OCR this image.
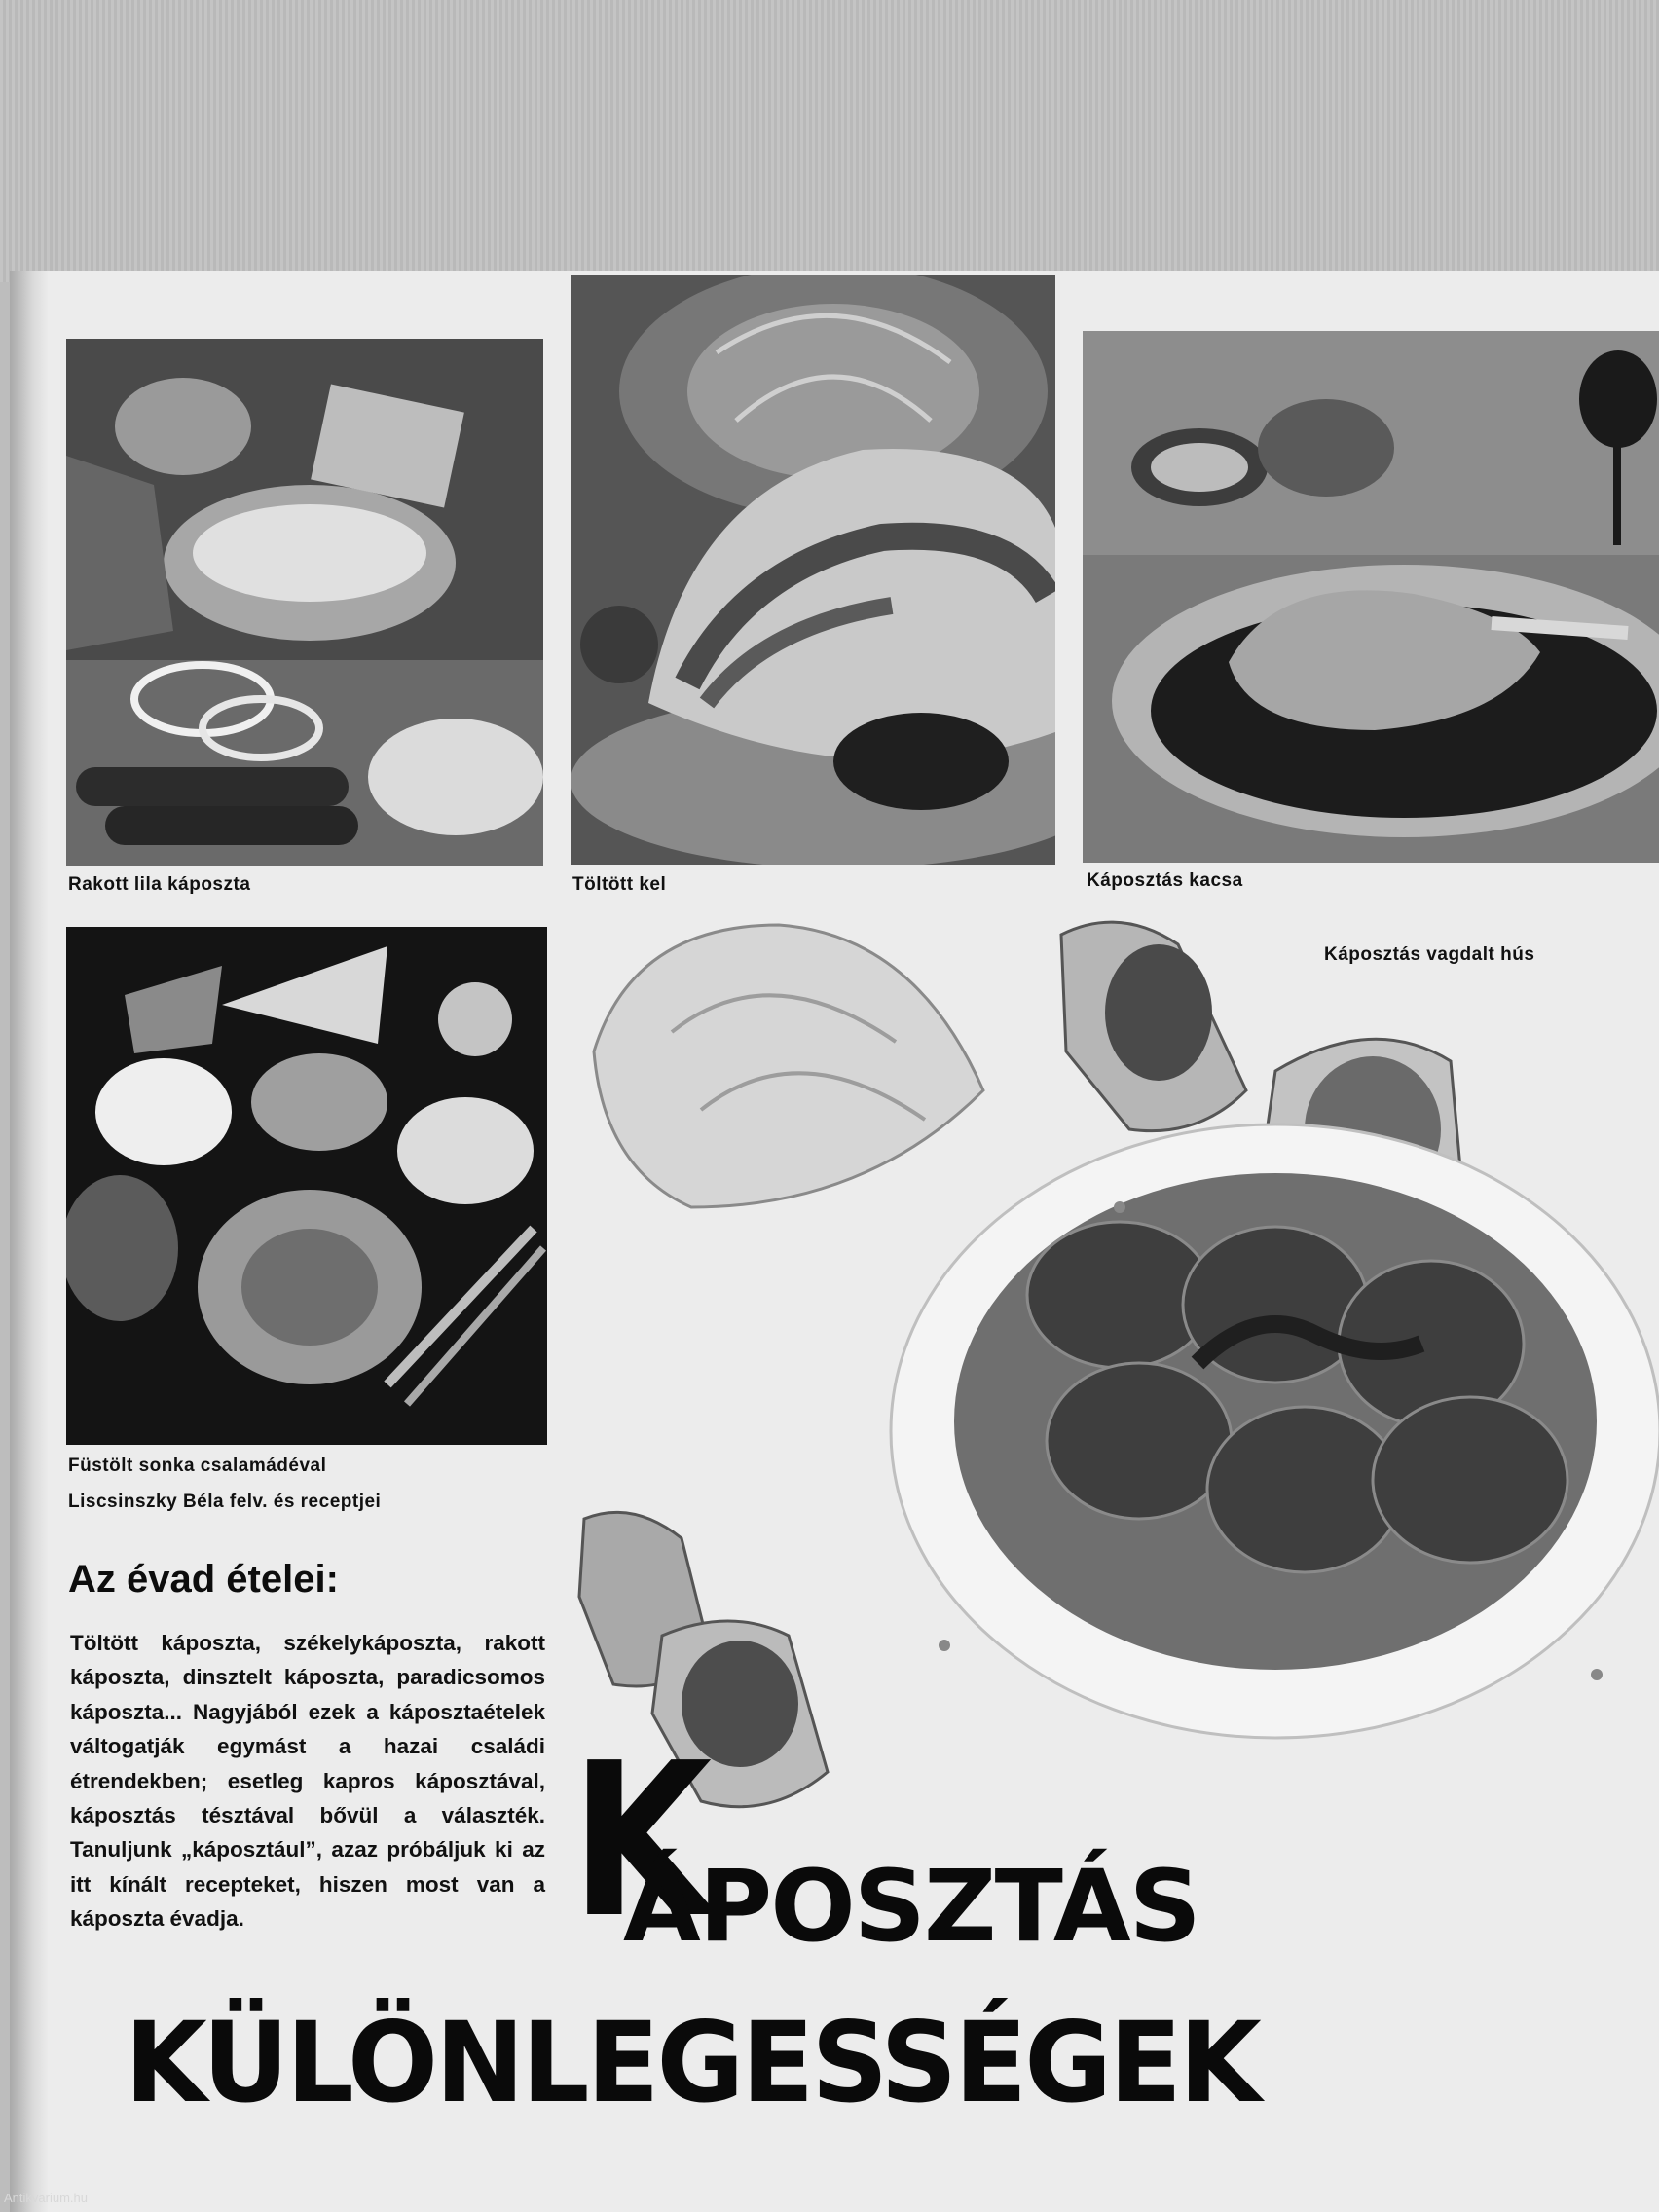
Rakott lila káposzta	Töltött kel	Káposztás kacsa
Füstölt sonka csalamádéval
Liscsinszky Béla felv. és receptjei
Káposztás vagdalt hús
Az évad ételei:

Töltött káposzta, székelykáposzta, rakott káposzta, dinsztelt káposzta, paradicsomos káposzta... Nagyjából ezek a káposztaételek váltogatják egymást a hazai családi étrendekben; esetleg kapros káposztával, káposztás tésztával bővül a választék. Tanuljunk „káposztául”, azaz próbáljuk ki az itt kínált recepteket, hiszen most van a káposzta évadja.	K
ÁPOSZTÁS
KÜLÖNLEGESSÉGEK
Antikvarium.hu
